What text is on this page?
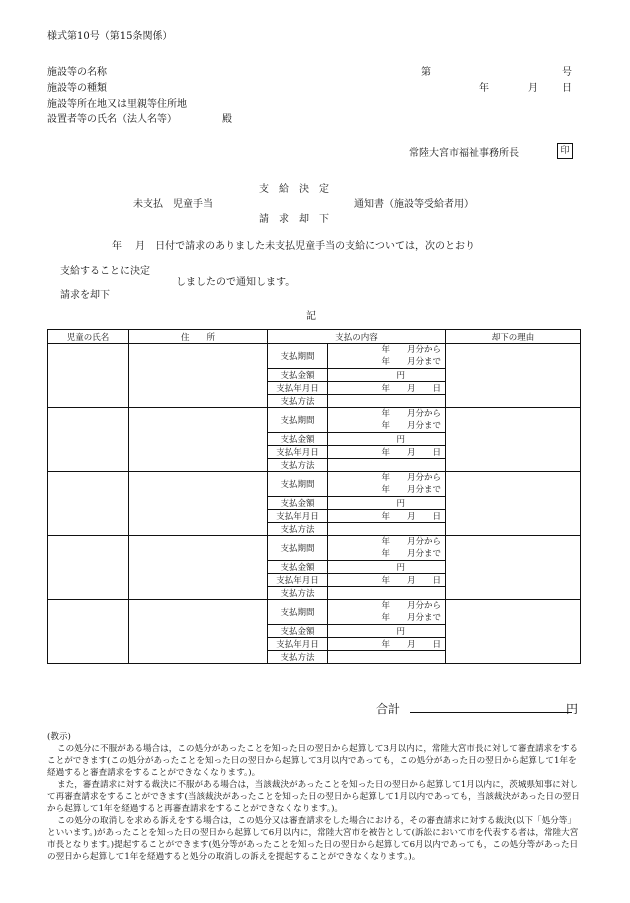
様式第10号（第15条関係）
施設等の名称
施設等の種類
施設等所在地又は里親等住所地
設置者等の氏名（法人名等）	殿
第	号
年	月 日
常陸大宮市福祉事務所長	印
支　給　決　定
未支払　児童手当	通知書（施設等受給者用）
請　求　却　下
年　 月　日付で請求のありました未支払児童手当の支給については，次のとおり
支給することに決定
しましたので通知します。
請求を却下
記
児童の氏名	住　　所	支払の内容		却下の理由
		支払期間	年　　月分から
年　　月分まで	
		支払金額	円	
		支払年月日	年　　月　　日	
		支払方法		
		支払期間	年　　月分から
年　　月分まで	
		支払金額	円	
		支払年月日	年　　月　　日	
		支払方法		
		支払期間	年　　月分から
年　　月分まで	
		支払金額	円	
		支払年月日	年　　月　　日	
		支払方法		
		支払期間	年　　月分から
年　　月分まで	
		支払金額	円	
		支払年月日	年　　月　　日	
		支払方法		
		支払期間	年　　月分から
年　　月分まで	
		支払金額	円	
		支払年月日	年　　月　　日	
		支払方法		
合計	円

(教示)

この処分に不服がある場合は，この処分があったことを知った日の翌日から起算して3月以内に，常陸大宮市長に対して審査請求をすることができます(この処分があったことを知った日の翌日から起算して3月以内であっても，この処分があった日の翌日から起算して1年を経過すると審査請求をすることができなくなります。)。

また，審査請求に対する裁決に不服がある場合は，当該裁決があったことを知った日の翌日から起算して1月以内に，茨城県知事に対して再審査請求をすることができます(当該裁決があったことを知った日の翌日から起算して1月以内であっても，当該裁決があった日の翌日から起算して1年を経過すると再審査請求をすることができなくなります。)。

この処分の取消しを求める訴えをする場合は，この処分又は審査請求をした場合における，その審査請求に対する裁決(以下「処分等」といいます。)があったことを知った日の翌日から起算して6月以内に，常陸大宮市を被告として(訴訟において市を代表する者は，常陸大宮市長となります。)提起することができます(処分等があったことを知った日の翌日から起算して6月以内であっても，この処分等があった日の翌日から起算して1年を経過すると処分の取消しの訴えを提起することができなくなります。)。
